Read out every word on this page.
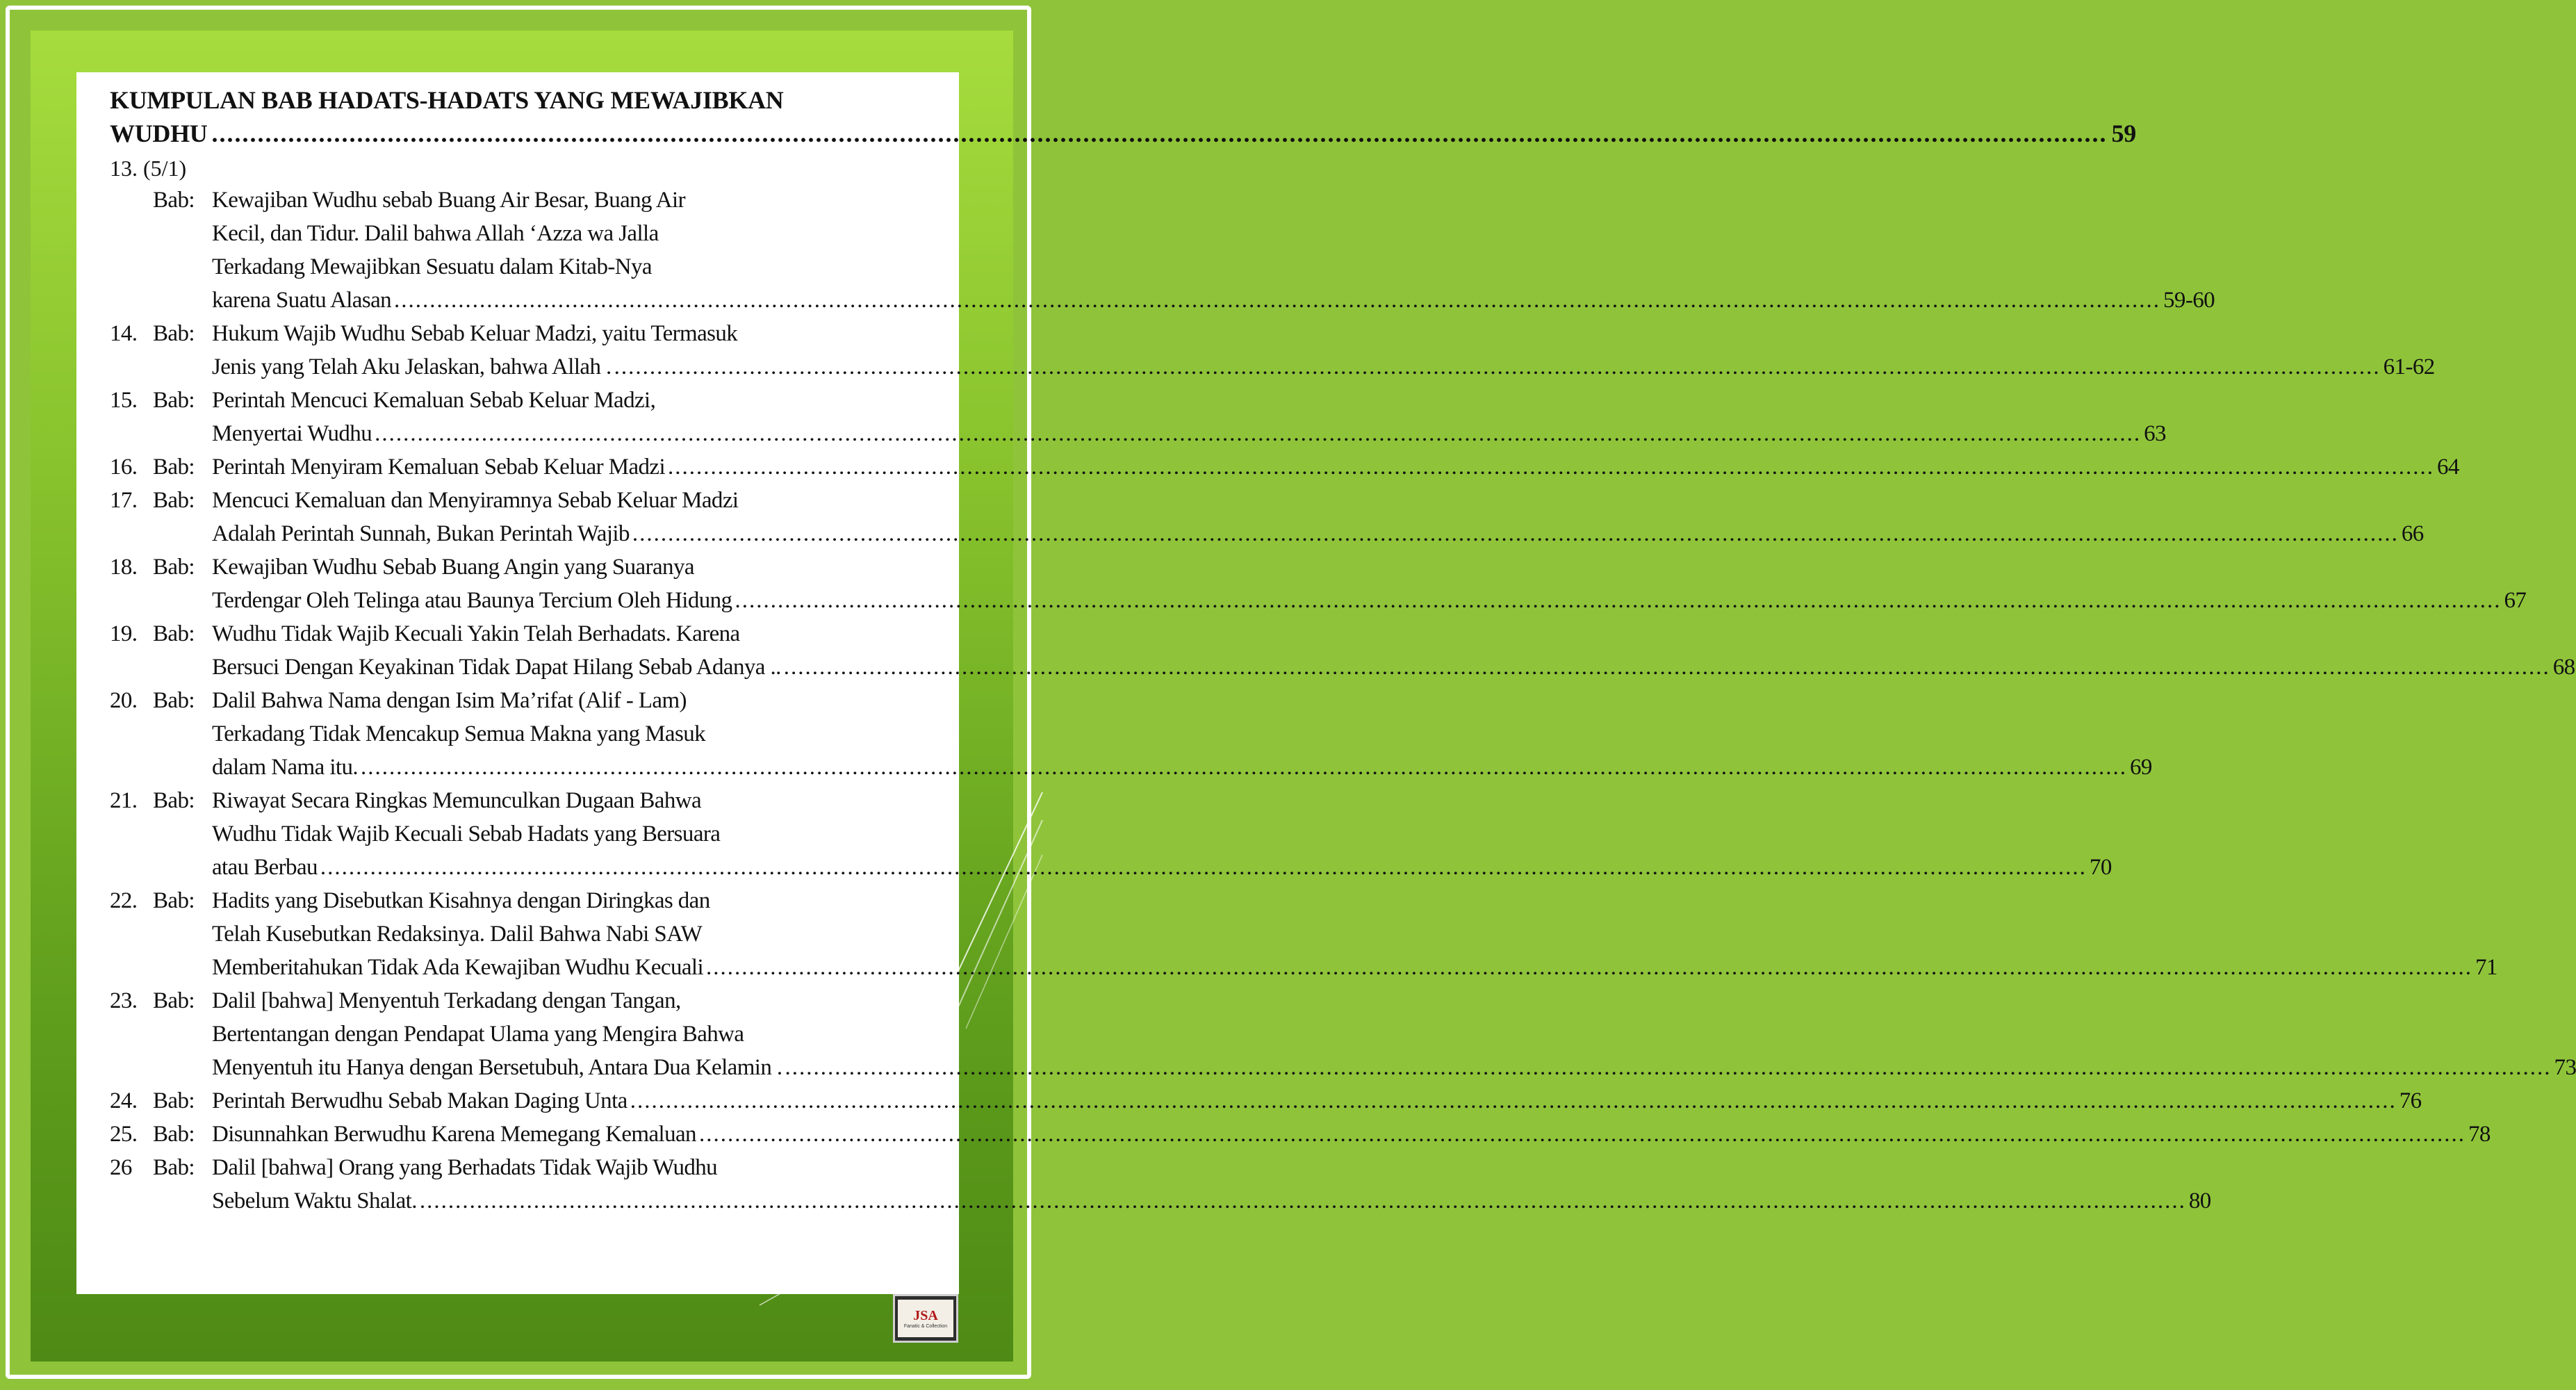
KUMPULAN BAB HADATS-HADATS YANG MEWAJIBKAN
WUDHU .....	59
13. (5/1)
Bab: Kewajiban Wudhu sebab Buang Air Besar, Buang Air
Kecil, dan Tidur. Dalil bahwa Allah ‘Azza wa Jalla
Terkadang Mewajibkan Sesuatu dalam Kitab-Nya
karena Suatu Alasan .....	59-60
14. Bab: Hukum Wajib Wudhu Sebab Keluar Madzi, yaitu Termasuk
Jenis yang Telah Aku Jelaskan, bahwa Allah . .....	61-62
15. Bab: Perintah Mencuci Kemaluan Sebab Keluar Madzi,
Menyertai Wudhu .....	63
16. Bab: Perintah Menyiram Kemaluan Sebab Keluar Madzi .....	64
17. Bab: Mencuci Kemaluan dan Menyiramnya Sebab Keluar Madzi
Adalah Perintah Sunnah, Bukan Perintah Wajib .....	66
18. Bab: Kewajiban Wudhu Sebab Buang Angin yang Suaranya
Terdengar Oleh Telinga atau Baunya Tercium Oleh Hidung .....	67
19. Bab: Wudhu Tidak Wajib Kecuali Yakin Telah Berhadats. Karena
Bersuci Dengan Keyakinan Tidak Dapat Hilang Sebab Adanya .. .....	68
20. Bab: Dalil Bahwa Nama dengan Isim Ma’rifat (Alif - Lam)
Terkadang Tidak Mencakup Semua Makna yang Masuk
dalam Nama itu. .....	69
21. Bab: Riwayat Secara Ringkas Memunculkan Dugaan Bahwa
Wudhu Tidak Wajib Kecuali Sebab Hadats yang Bersuara
atau Berbau .....	70
22. Bab: Hadits yang Disebutkan Kisahnya dengan Diringkas dan
Telah Kusebutkan Redaksinya. Dalil Bahwa Nabi SAW
Memberitahukan Tidak Ada Kewajiban Wudhu Kecuali .....	71
23. Bab: Dalil [bahwa] Menyentuh Terkadang dengan Tangan,
Bertentangan dengan Pendapat Ulama yang Mengira Bahwa
Menyentuh itu Hanya dengan Bersetubuh, Antara Dua Kelamin . .....	73
24. Bab: Perintah Berwudhu Sebab Makan Daging Unta .....	76
25. Bab: Disunnahkan Berwudhu Karena Memegang Kemaluan .....	78
26 Bab: Dalil [bahwa] Orang yang Berhadats Tidak Wajib Wudhu
Sebelum Waktu Shalat. .....	80
JSA
Fanatic & Collection
